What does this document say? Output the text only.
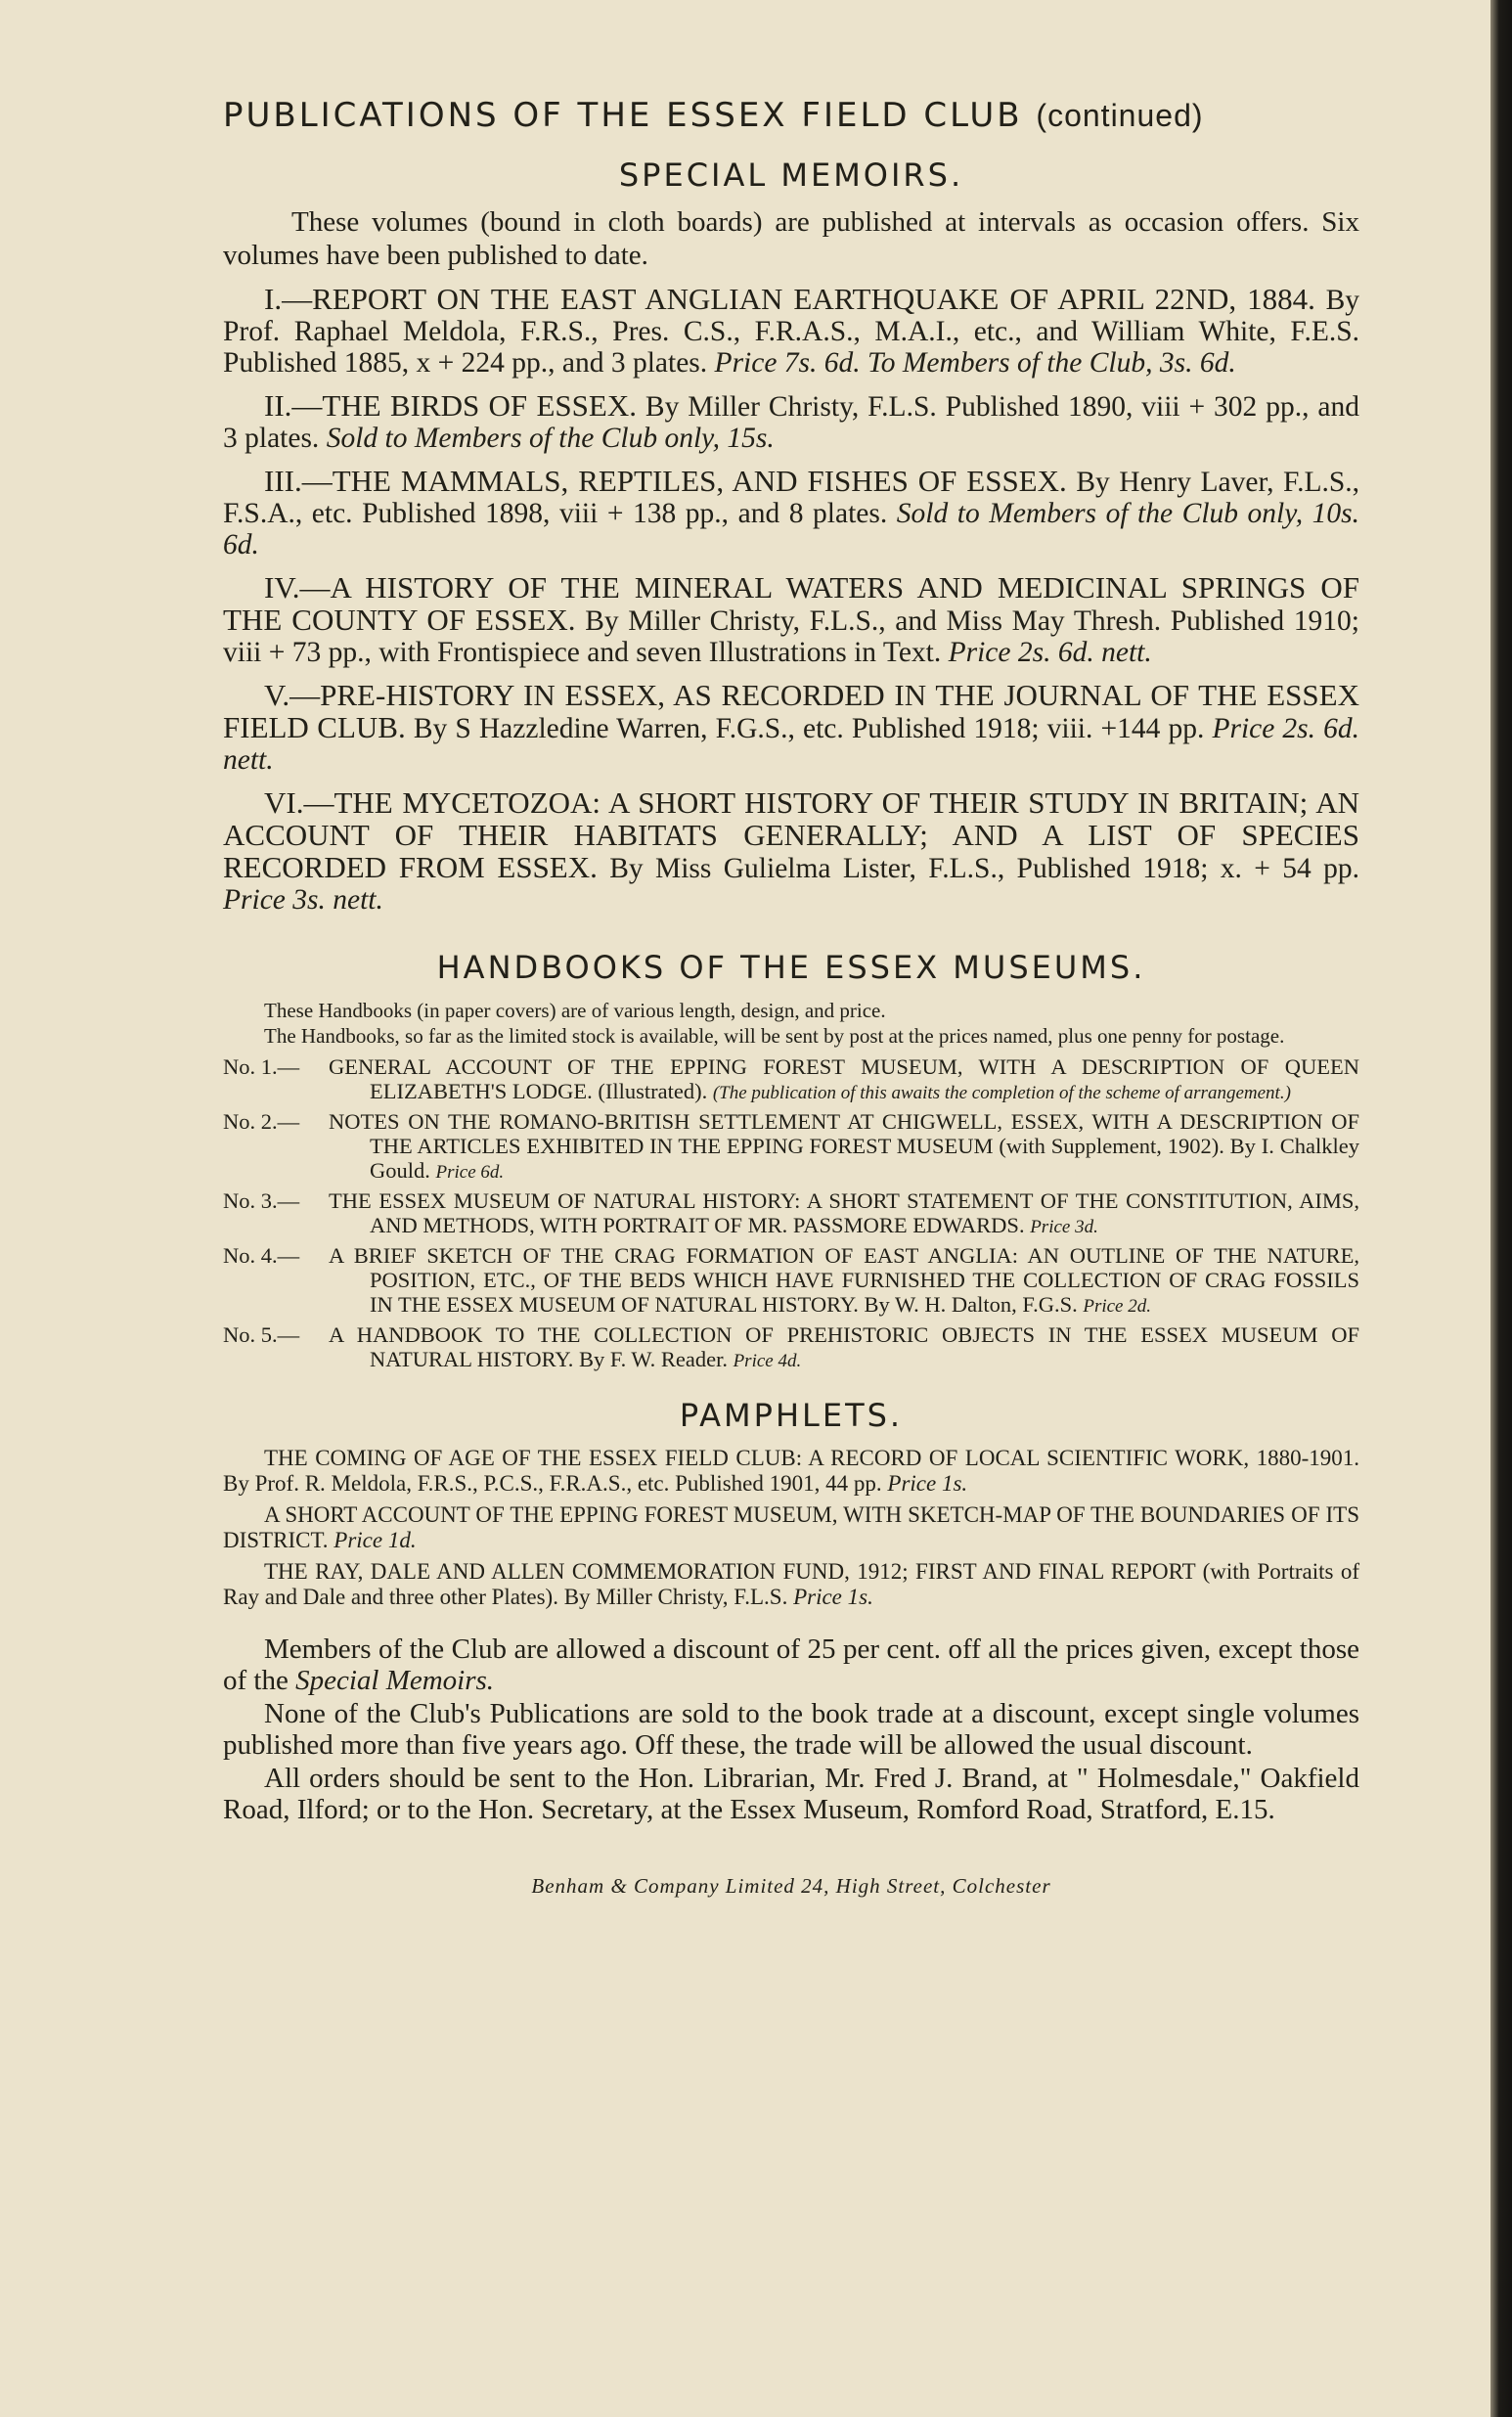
PUBLICATIONS OF THE ESSEX FIELD CLUB (continued)
SPECIAL MEMOIRS.

These volumes (bound in cloth boards) are published at intervals as occasion offers. Six volumes have been published to date.

I.—REPORT ON THE EAST ANGLIAN EARTHQUAKE OF APRIL 22ND, 1884. By Prof. Raphael Meldola, F.R.S., Pres. C.S., F.R.A.S., M.A.I., etc., and William White, F.E.S. Published 1885, x + 224 pp., and 3 plates. Price 7s. 6d. To Members of the Club, 3s. 6d.

II.—THE BIRDS OF ESSEX. By Miller Christy, F.L.S. Published 1890, viii + 302 pp., and 3 plates. Sold to Members of the Club only, 15s.

III.—THE MAMMALS, REPTILES, AND FISHES OF ESSEX. By Henry Laver, F.L.S., F.S.A., etc. Published 1898, viii + 138 pp., and 8 plates. Sold to Members of the Club only, 10s. 6d.

IV.—A HISTORY OF THE MINERAL WATERS AND MEDICINAL SPRINGS OF THE COUNTY OF ESSEX. By Miller Christy, F.L.S., and Miss May Thresh. Published 1910; viii + 73 pp., with Frontispiece and seven Illustrations in Text. Price 2s. 6d. nett.

V.—PRE-HISTORY IN ESSEX, AS RECORDED IN THE JOURNAL OF THE ESSEX FIELD CLUB. By S Hazzledine Warren, F.G.S., etc. Published 1918; viii. +144 pp. Price 2s. 6d. nett.

VI.—THE MYCETOZOA: A SHORT HISTORY OF THEIR STUDY IN BRITAIN; AN ACCOUNT OF THEIR HABITATS GENERALLY; AND A LIST OF SPECIES RECORDED FROM ESSEX. By Miss Gulielma Lister, F.L.S., Published 1918; x. + 54 pp. Price 3s. nett.

HANDBOOKS OF THE ESSEX MUSEUMS.

These Handbooks (in paper covers) are of various length, design, and price.

The Handbooks, so far as the limited stock is available, will be sent by post at the prices named, plus one penny for postage.

No. 1.— GENERAL ACCOUNT OF THE EPPING FOREST MUSEUM, WITH A DESCRIPTION OF QUEEN ELIZABETH'S LODGE. (Illustrated). (The publication of this awaits the completion of the scheme of arrangement.)

No. 2.— NOTES ON THE ROMANO-BRITISH SETTLEMENT AT CHIGWELL, ESSEX, WITH A DESCRIPTION OF THE ARTICLES EXHIBITED IN THE EPPING FOREST MUSEUM (with Supplement, 1902). By I. Chalkley Gould. Price 6d.

No. 3.— THE ESSEX MUSEUM OF NATURAL HISTORY: A SHORT STATEMENT OF THE CONSTITUTION, AIMS, AND METHODS, WITH PORTRAIT OF MR. PASSMORE EDWARDS. Price 3d.

No. 4.— A BRIEF SKETCH OF THE CRAG FORMATION OF EAST ANGLIA: AN OUTLINE OF THE NATURE, POSITION, ETC., OF THE BEDS WHICH HAVE FURNISHED THE COLLECTION OF CRAG FOSSILS IN THE ESSEX MUSEUM OF NATURAL HISTORY. By W. H. Dalton, F.G.S. Price 2d.

No. 5.— A HANDBOOK TO THE COLLECTION OF PREHISTORIC OBJECTS IN THE ESSEX MUSEUM OF NATURAL HISTORY. By F. W. Reader. Price 4d.

PAMPHLETS.

THE COMING OF AGE OF THE ESSEX FIELD CLUB: A RECORD OF LOCAL SCIENTIFIC WORK, 1880-1901. By Prof. R. Meldola, F.R.S., P.C.S., F.R.A.S., etc. Published 1901, 44 pp. Price 1s.

A SHORT ACCOUNT OF THE EPPING FOREST MUSEUM, WITH SKETCH-MAP OF THE BOUNDARIES OF ITS DISTRICT. Price 1d.

THE RAY, DALE AND ALLEN COMMEMORATION FUND, 1912; FIRST AND FINAL REPORT (with Portraits of Ray and Dale and three other Plates). By Miller Christy, F.L.S. Price 1s.

Members of the Club are allowed a discount of 25 per cent. off all the prices given, except those of the Special Memoirs.

None of the Club's Publications are sold to the book trade at a discount, except single volumes published more than five years ago. Off these, the trade will be allowed the usual discount.

All orders should be sent to the Hon. Librarian, Mr. Fred J. Brand, at " Holmesdale," Oakfield Road, Ilford; or to the Hon. Secretary, at the Essex Museum, Romford Road, Stratford, E.15.

Benham & Company Limited 24, High Street, Colchester
